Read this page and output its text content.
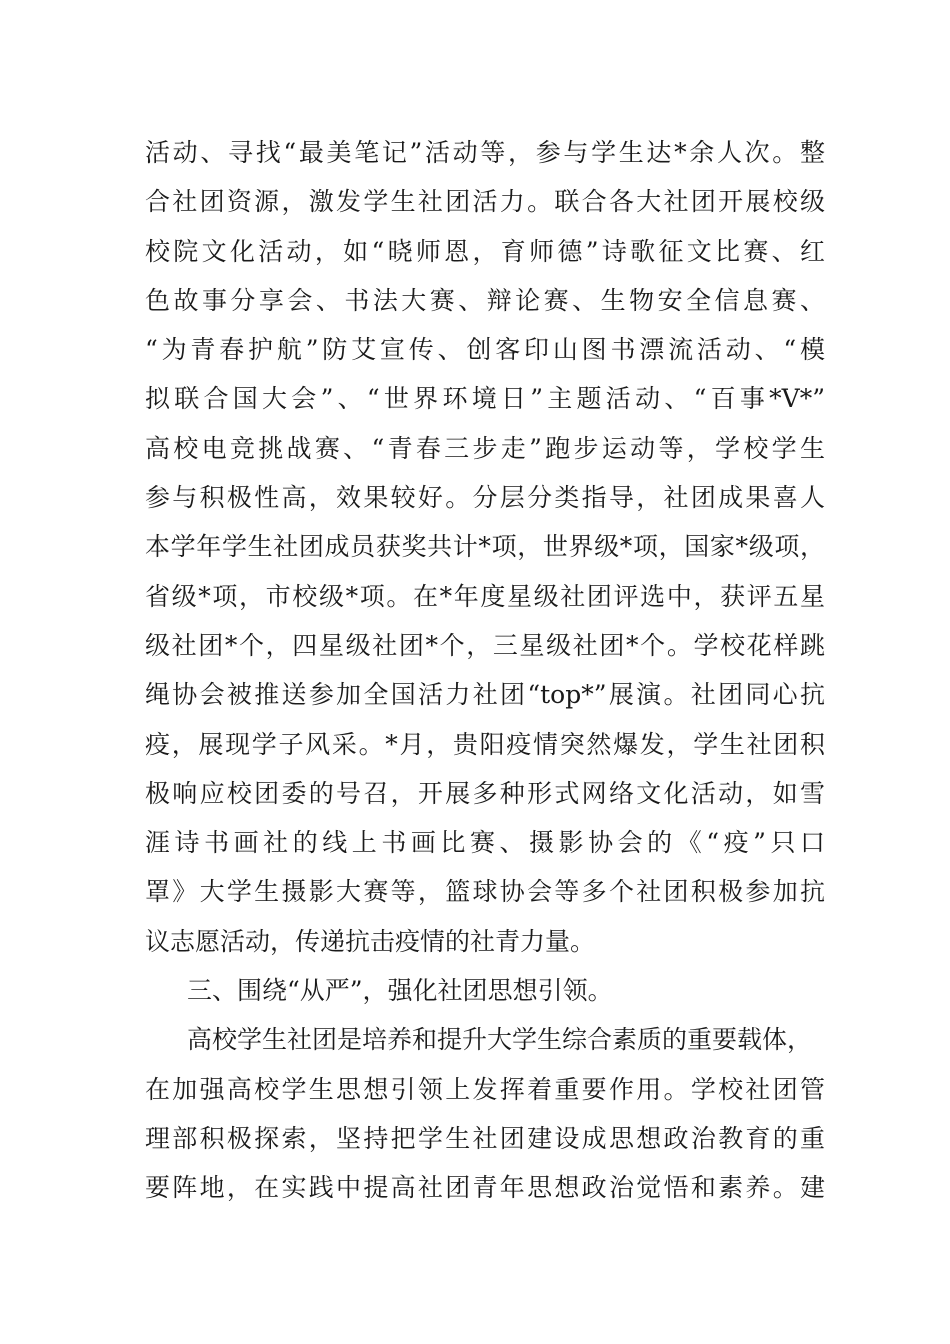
活动、寻找“最美笔记”活动等，参与学生达*余人次。整
合社团资源，激发学生社团活力。联合各大社团开展校级
校院文化活动，如“晓师恩，育师德”诗歌征文比赛、红
色故事分享会、书法大赛、辩论赛、生物安全信息赛、
“为青春护航”防艾宣传、创客印山图书漂流活动、“模
拟联合国大会”、“世界环境日”主题活动、“百事*V*”
高校电竞挑战赛、“青春三步走”跑步运动等，学校学生
参与积极性高，效果较好。分层分类指导，社团成果喜人
本学年学生社团成员获奖共计*项，世界级*项，国家*级项，
省级*项，市校级*项。在*年度星级社团评选中，获评五星
级社团*个，四星级社团*个，三星级社团*个。学校花样跳
绳协会被推送参加全国活力社团“top*”展演。社团同心抗
疫，展现学子风采。*月，贵阳疫情突然爆发，学生社团积
极响应校团委的号召，开展多种形式网络文化活动，如雪
涯诗书画社的线上书画比赛、摄影协会的《“疫”只口
罩》大学生摄影大赛等，篮球协会等多个社团积极参加抗
议志愿活动，传递抗击疫情的社青力量。
三、围绕“从严”，强化社团思想引领。
高校学生社团是培养和提升大学生综合素质的重要载体，
在加强高校学生思想引领上发挥着重要作用。学校社团管
理部积极探索，坚持把学生社团建设成思想政治教育的重
要阵地，在实践中提高社团青年思想政治觉悟和素养。建
